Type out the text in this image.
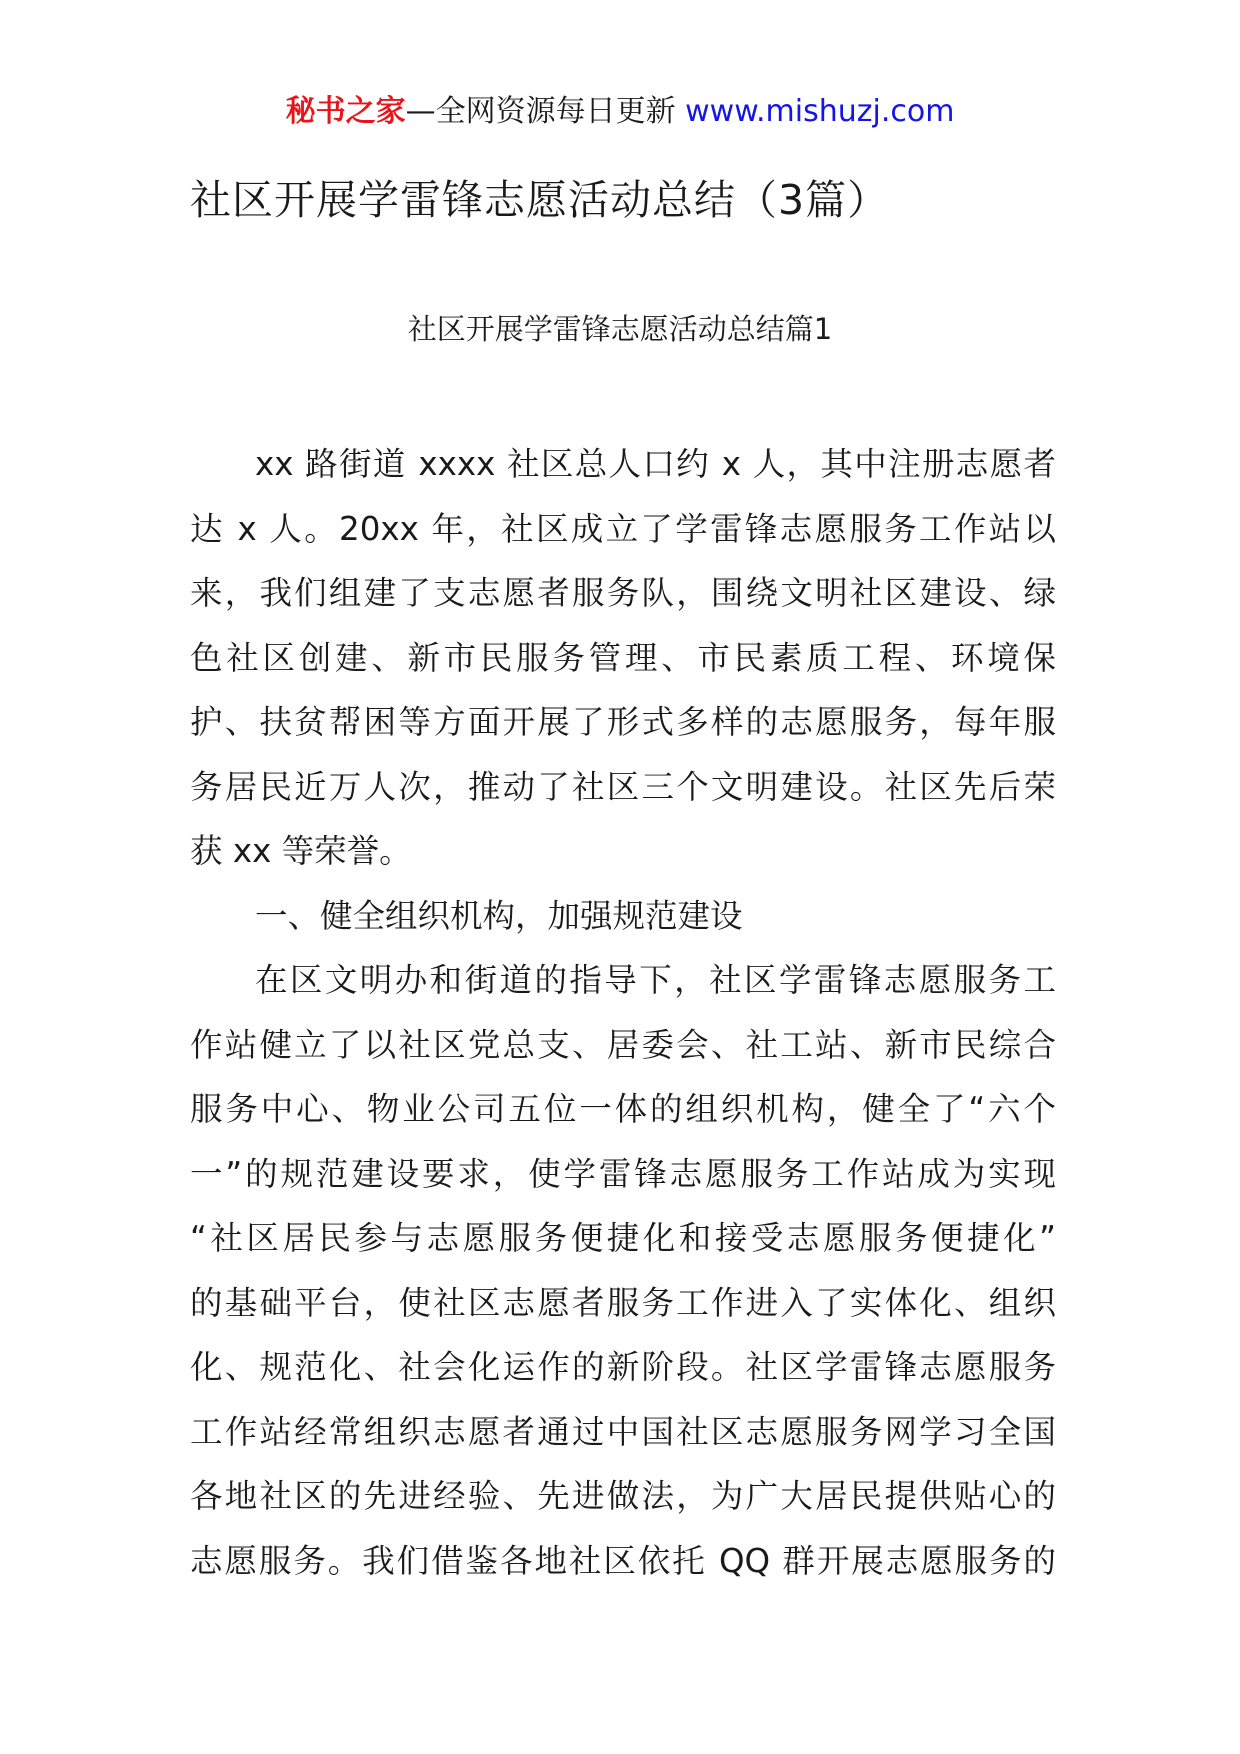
秘书之家—全网资源每日更新 www.mishuzj.com
社区开展学雷锋志愿活动总结（3篇）
社区开展学雷锋志愿活动总结篇1
xx 路街道 xxxx 社区总人口约 x 人，其中注册志愿者
达 x 人。20xx 年，社区成立了学雷锋志愿服务工作站以
来，我们组建了支志愿者服务队，围绕文明社区建设、绿
色社区创建、新市民服务管理、市民素质工程、环境保
护、扶贫帮困等方面开展了形式多样的志愿服务，每年服
务居民近万人次，推动了社区三个文明建设。社区先后荣
获 xx 等荣誉。
一、健全组织机构，加强规范建设
在区文明办和街道的指导下，社区学雷锋志愿服务工
作站健立了以社区党总支、居委会、社工站、新市民综合
服务中心、物业公司五位一体的组织机构，健全了“六个
一”的规范建设要求，使学雷锋志愿服务工作站成为实现
“社区居民参与志愿服务便捷化和接受志愿服务便捷化”
的基础平台，使社区志愿者服务工作进入了实体化、组织
化、规范化、社会化运作的新阶段。社区学雷锋志愿服务
工作站经常组织志愿者通过中国社区志愿服务网学习全国
各地社区的先进经验、先进做法，为广大居民提供贴心的
志愿服务。我们借鉴各地社区依托 QQ 群开展志愿服务的
